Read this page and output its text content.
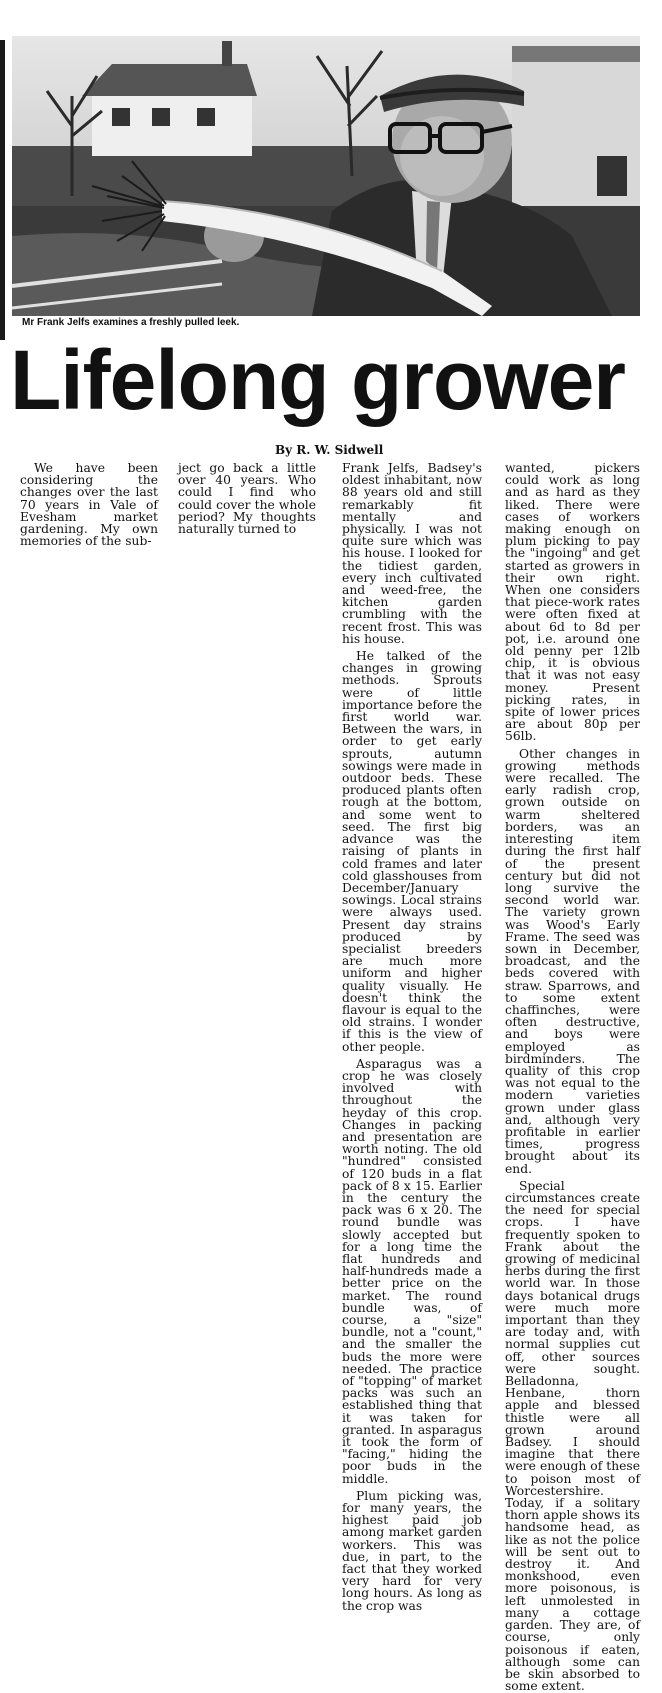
Mr Frank Jelfs examines a freshly pulled leek.
Lifelong grower
By R. W. Sidwell

We have been considering the changes over the last 70 years in Vale of Evesham market gardening. My own memories of the sub-

ject go back a little over 40 years. Who could I find who could cover the whole period? My thoughts naturally turned to

Frank Jelfs, Badsey's oldest inhabitant, now 88 years old and still remarkably fit mentally and physically. I was not quite sure which was his house. I looked for the tidiest garden, every inch cultivated and weed-free, the kitchen garden crumbling with the recent frost. This was his house.

He talked of the changes in growing methods. Sprouts were of little importance before the first world war. Between the wars, in order to get early sprouts, autumn sowings were made in outdoor beds. These produced plants often rough at the bottom, and some went to seed. The first big advance was the raising of plants in cold frames and later cold glasshouses from December/January sowings. Local strains were always used. Present day strains produced by specialist breeders are much more uniform and higher quality visually. He doesn't think the flavour is equal to the old strains. I wonder if this is the view of other people.

Asparagus was a crop he was closely involved with throughout the heyday of this crop. Changes in packing and presentation are worth noting. The old "hundred" consisted of 120 buds in a flat pack of 8 x 15. Earlier in the century the pack was 6 x 20. The round bundle was slowly accepted but for a long time the flat hundreds and half-hundreds made a better price on the market. The round bundle was, of course, a "size" bundle, not a "count," and the smaller the buds the more were needed. The practice of "topping" of market packs was such an established thing that it was taken for granted. In asparagus it took the form of "facing," hiding the poor buds in the middle.

Plum picking was, for many years, the highest paid job among market garden workers. This was due, in part, to the fact that they worked very hard for very long hours. As long as the crop was

wanted, pickers could work as long and as hard as they liked. There were cases of workers making enough on plum picking to pay the "ingoing" and get started as growers in their own right. When one considers that piece-work rates were often fixed at about 6d to 8d per pot, i.e. around one old penny per 12lb chip, it is obvious that it was not easy money. Present picking rates, in spite of lower prices are about 80p per 56lb.

Other changes in growing methods were recalled. The early radish crop, grown outside on warm sheltered borders, was an interesting item during the first half of the present century but did not long survive the second world war. The variety grown was Wood's Early Frame. The seed was sown in December, broadcast, and the beds covered with straw. Sparrows, and to some extent chaffinches, were often destructive, and boys were employed as birdminders. The quality of this crop was not equal to the modern varieties grown under glass and, although very profitable in earlier times, progress brought about its end.

Special circumstances create the need for special crops. I have frequently spoken to Frank about the growing of medicinal herbs during the first world war. In those days botanical drugs were much more important than they are today and, with normal supplies cut off, other sources were sought. Belladonna, Henbane, thorn apple and blessed thistle were all grown around Badsey. I should imagine that there were enough of these to poison most of Worcestershire. Today, if a solitary thorn apple shows its handsome head, as like as not the police will be sent out to destroy it. And monkshood, even more poisonous, is left unmolested in many a cottage garden. They are, of course, only poisonous if eaten, although some can be skin absorbed to some extent.
